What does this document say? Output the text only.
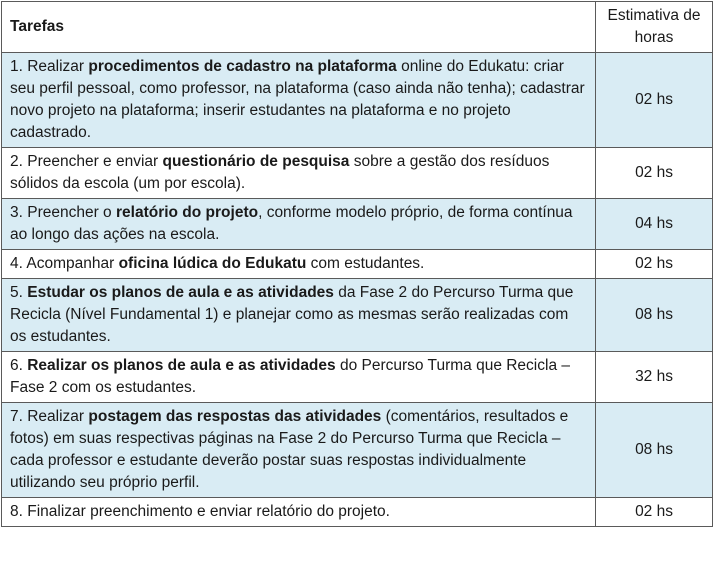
Tarefas	Estimativa de horas
1. Realizar procedimentos de cadastro na plataforma online do Edukatu: criar seu perfil pessoal, como professor, na plataforma (caso ainda não tenha); cadastrar novo projeto na plataforma; inserir estudantes na plataforma e no projeto cadastrado.	02 hs
2. Preencher e enviar questionário de pesquisa sobre a gestão dos resíduos sólidos da escola (um por escola).	02 hs
3. Preencher o relatório do projeto, conforme modelo próprio, de forma contínua ao longo das ações na escola.	04 hs
4. Acompanhar oficina lúdica do Edukatu com estudantes.	02 hs
5. Estudar os planos de aula e as atividades da Fase 2 do Percurso Turma que Recicla (Nível Fundamental 1) e planejar como as mesmas serão realizadas com os estudantes.	08 hs
6. Realizar os planos de aula e as atividades do Percurso Turma que Recicla – Fase 2 com os estudantes.	32 hs
7. Realizar postagem das respostas das atividades (comentários, resultados e fotos) em suas respectivas páginas na Fase 2 do Percurso Turma que Recicla – cada professor e estudante deverão postar suas respostas individualmente utilizando seu próprio perfil.	08 hs
8. Finalizar preenchimento e enviar relatório do projeto.	02 hs
